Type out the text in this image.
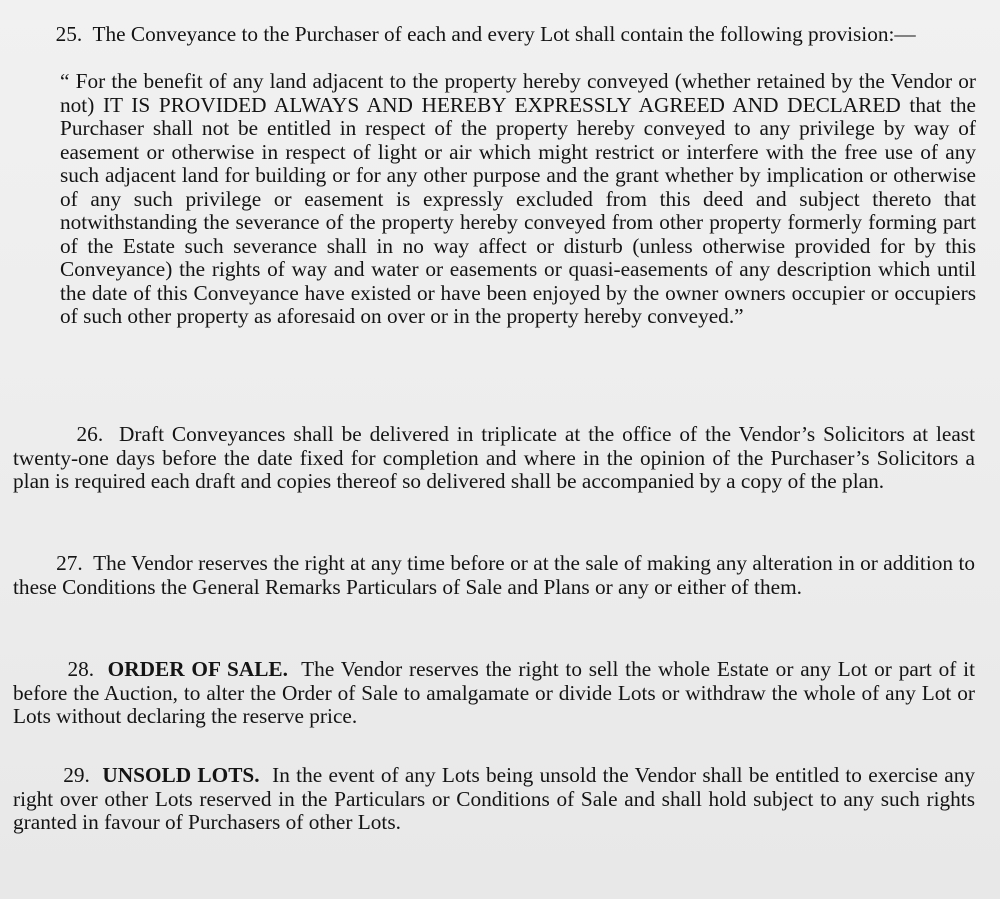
25. The Conveyance to the Purchaser of each and every Lot shall contain the following provision:—

“ For the benefit of any land adjacent to the property hereby conveyed (whether retained by the Vendor or not) IT IS PROVIDED ALWAYS AND HEREBY EXPRESSLY AGREED AND DECLARED that the Purchaser shall not be entitled in respect of the property hereby conveyed to any privilege by way of easement or otherwise in respect of light or air which might restrict or interfere with the free use of any such adjacent land for building or for any other purpose and the grant whether by implication or otherwise of any such privilege or easement is expressly excluded from this deed and subject thereto that notwithstanding the severance of the property hereby conveyed from other property formerly forming part of the Estate such severance shall in no way affect or disturb (unless otherwise provided for by this Conveyance) the rights of way and water or easements or quasi-easements of any description which until the date of this Conveyance have existed or have been enjoyed by the owner owners occupier or occupiers of such other property as aforesaid on over or in the property hereby conveyed.”

26. Draft Conveyances shall be delivered in triplicate at the office of the Vendor’s Solicitors at least twenty-one days before the date fixed for completion and where in the opinion of the Purchaser’s Solicitors a plan is required each draft and copies thereof so delivered shall be accompanied by a copy of the plan.

27. The Vendor reserves the right at any time before or at the sale of making any alteration in or addition to these Conditions the General Remarks Particulars of Sale and Plans or any or either of them.

28. ORDER OF SALE. The Vendor reserves the right to sell the whole Estate or any Lot or part of it before the Auction, to alter the Order of Sale to amalgamate or divide Lots or withdraw the whole of any Lot or Lots without declaring the reserve price.

29. UNSOLD LOTS. In the event of any Lots being unsold the Vendor shall be entitled to exercise any right over other Lots reserved in the Particulars or Conditions of Sale and shall hold subject to any such rights granted in favour of Purchasers of other Lots.
